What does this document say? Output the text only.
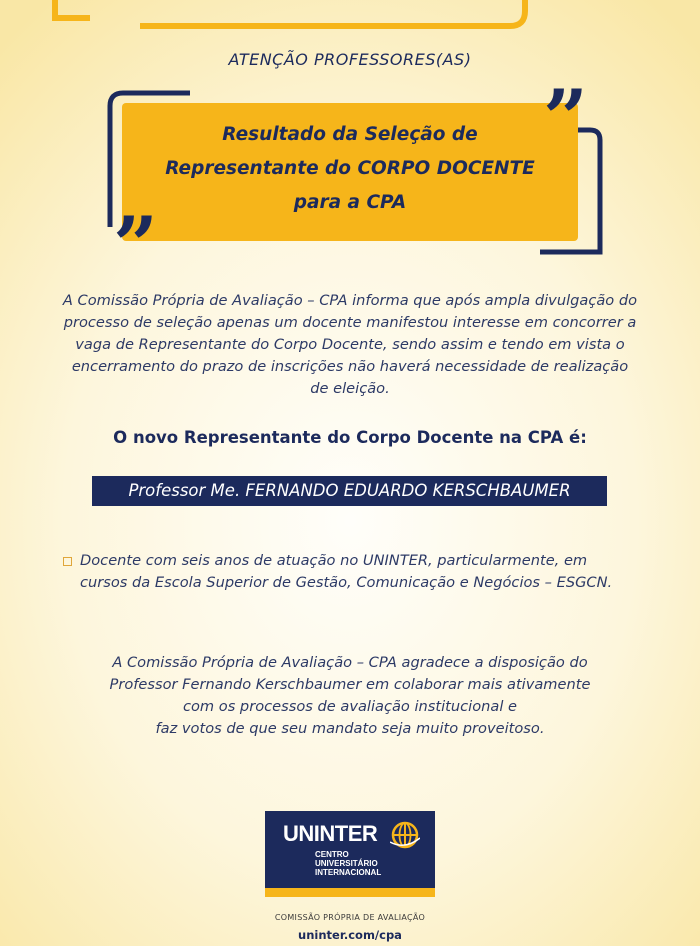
ATENÇÃO PROFESSORES(AS)
Resultado da Seleção de
Representante do CORPO DOCENTE
para a CPA
”
”
A Comissão Própria de Avaliação – CPA informa que após ampla divulgação do
processo de seleção apenas um docente manifestou interesse em concorrer a
vaga de Representante do Corpo Docente, sendo assim e tendo em vista o
encerramento do prazo de inscrições não haverá necessidade de realização
de eleição.
O novo Representante do Corpo Docente na CPA é:
Professor Me. FERNANDO EDUARDO KERSCHBAUMER
Docente com seis anos de atuação no UNINTER, particularmente, em
cursos da Escola Superior de Gestão, Comunicação e Negócios – ESGCN.
A Comissão Própria de Avaliação – CPA agradece a disposição do
Professor Fernando Kerschbaumer em colaborar mais ativamente
com os processos de avaliação institucional e
faz votos de que seu mandato seja muito proveitoso.
UNINTER
CENTRO
UNIVERSITÁRIO
INTERNACIONAL
COMISSÃO PRÓPRIA DE AVALIAÇÃO
uninter.com/cpa
